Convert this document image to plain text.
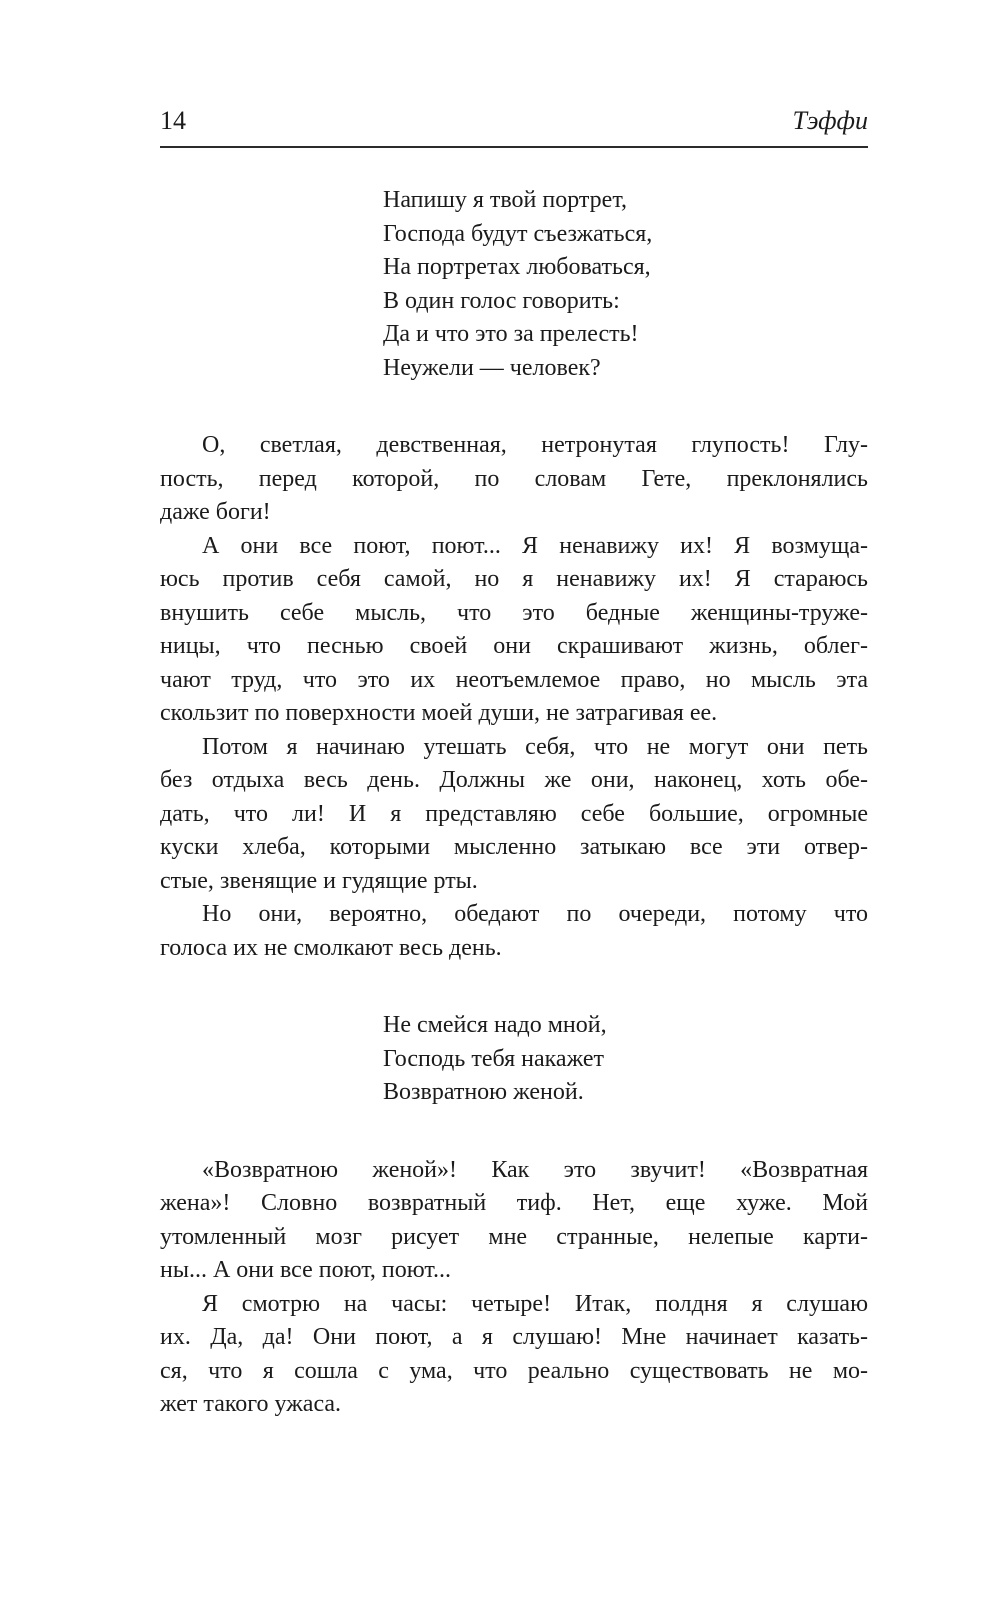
14	Тэффи
Напишу я твой портрет,
Господа будут съезжаться,
На портретах любоваться,
В один голос говорить:
Да и что это за прелесть!
Неужели — человек?
О, светлая, девственная, нетронутая глупость! Глу-
пость, перед которой, по словам Гете, преклонялись
даже боги!
А они все поют, поют... Я ненавижу их! Я возмуща-
юсь против себя самой, но я ненавижу их! Я стараюсь
внушить себе мысль, что это бедные женщины-труже-
ницы, что песнью своей они скрашивают жизнь, облег-
чают труд, что это их неотъемлемое право, но мысль эта
скользит по поверхности моей души, не затрагивая ее.
Потом я начинаю утешать себя, что не могут они петь
без отдыха весь день. Должны же они, наконец, хоть обе-
дать, что ли! И я представляю себе большие, огромные
куски хлеба, которыми мысленно затыкаю все эти отвер-
стые, звенящие и гудящие рты.
Но они, вероятно, обедают по очереди, потому что
голоса их не смолкают весь день.
Не смейся надо мной,
Господь тебя накажет
Возвратною женой.
«Возвратною женой»! Как это звучит! «Возвратная
жена»! Словно возвратный тиф. Нет, еще хуже. Мой
утомленный мозг рисует мне странные, нелепые карти-
ны... А они все поют, поют...
Я смотрю на часы: четыре! Итак, полдня я слушаю
их. Да, да! Они поют, а я слушаю! Мне начинает казать-
ся, что я сошла с ума, что реально существовать не мо-
жет такого ужаса.
